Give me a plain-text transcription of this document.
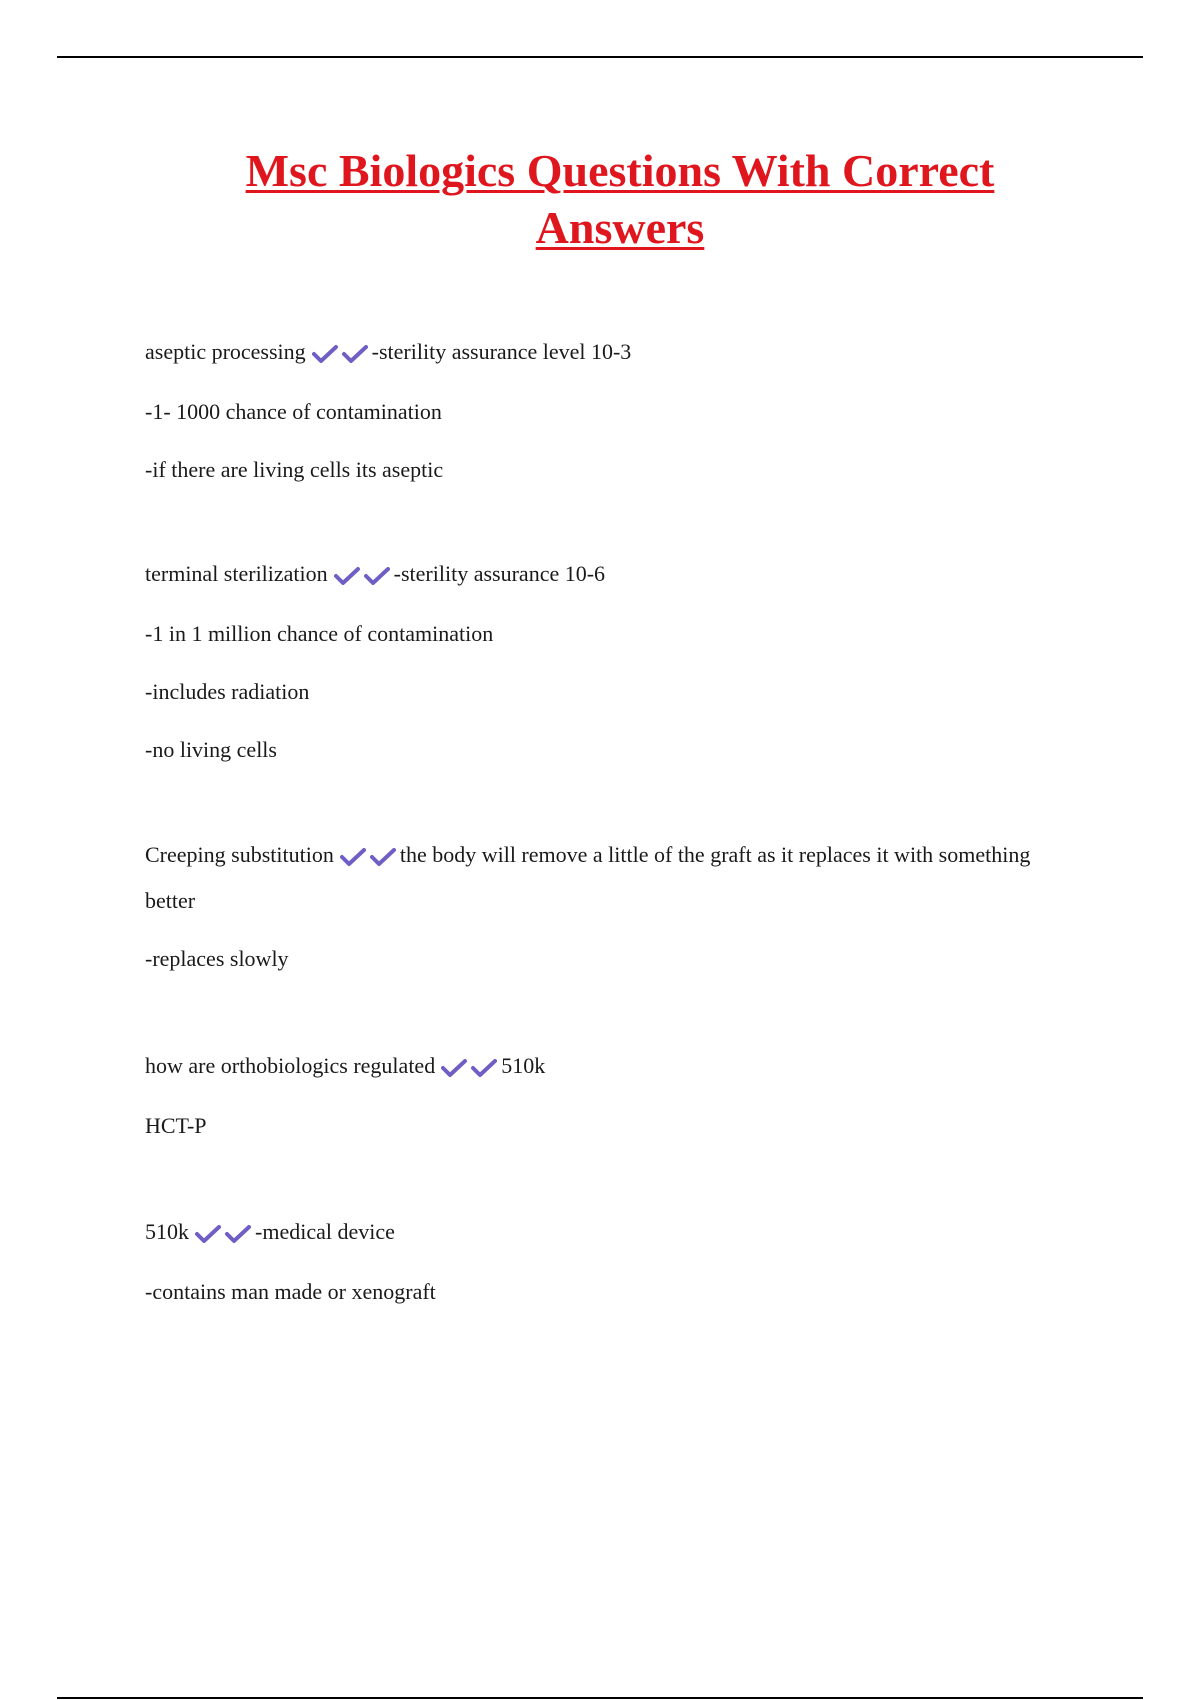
Msc Biologics Questions With Correct Answers

aseptic processing	-sterility assurance level 10-3

-1- 1000 chance of contamination

-if there are living cells its aseptic

terminal sterilization	-sterility assurance 10-6

-1 in 1 million chance of contamination

-includes radiation

-no living cells

Creeping substitution	the body will remove a little of the graft as it replaces it with something better

-replaces slowly

how are orthobiologics regulated	510k

HCT-P

510k	-medical device

-contains man made or xenograft
